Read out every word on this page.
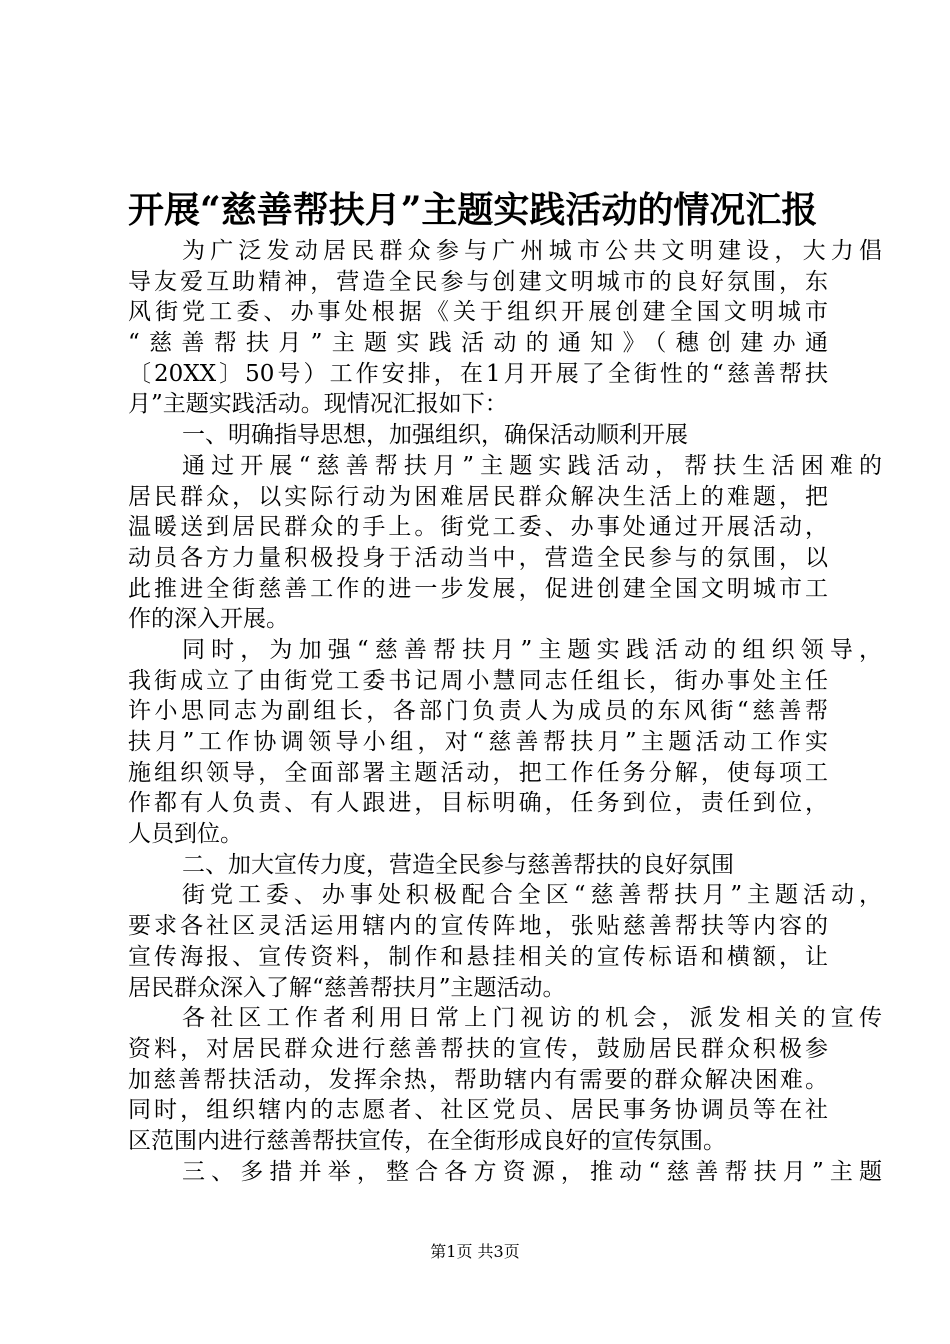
开展“慈善帮扶月”主题实践活动的情况汇报
为广泛发动居民群众参与广州城市公共文明建设，大力倡
导友爱互助精神，营造全民参与创建文明城市的良好氛围，东
风街党工委、办事处根据《关于组织开展创建全国文明城市
“慈善帮扶月”主题实践活动的通知》（穗创建办通
〔20XX〕50号）工作安排，在1月开展了全街性的“慈善帮扶
月”主题实践活动。现情况汇报如下：
一、明确指导思想，加强组织，确保活动顺利开展
通过开展“慈善帮扶月”主题实践活动，帮扶生活困难的
居民群众，以实际行动为困难居民群众解决生活上的难题，把
温暖送到居民群众的手上。街党工委、办事处通过开展活动，
动员各方力量积极投身于活动当中，营造全民参与的氛围，以
此推进全街慈善工作的进一步发展，促进创建全国文明城市工
作的深入开展。
同时，为加强“慈善帮扶月”主题实践活动的组织领导，
我街成立了由街党工委书记周小慧同志任组长，街办事处主任
许小思同志为副组长，各部门负责人为成员的东风街“慈善帮
扶月”工作协调领导小组，对“慈善帮扶月”主题活动工作实
施组织领导，全面部署主题活动，把工作任务分解，使每项工
作都有人负责、有人跟进，目标明确，任务到位，责任到位，
人员到位。
二、加大宣传力度，营造全民参与慈善帮扶的良好氛围
街党工委、办事处积极配合全区“慈善帮扶月”主题活动，
要求各社区灵活运用辖内的宣传阵地，张贴慈善帮扶等内容的
宣传海报、宣传资料，制作和悬挂相关的宣传标语和横额，让
居民群众深入了解“慈善帮扶月”主题活动。
各社区工作者利用日常上门视访的机会，派发相关的宣传
资料，对居民群众进行慈善帮扶的宣传，鼓励居民群众积极参
加慈善帮扶活动，发挥余热，帮助辖内有需要的群众解决困难。
同时，组织辖内的志愿者、社区党员、居民事务协调员等在社
区范围内进行慈善帮扶宣传，在全街形成良好的宣传氛围。
三、多措并举，整合各方资源，推动“慈善帮扶月”主题
第1页 共3页
